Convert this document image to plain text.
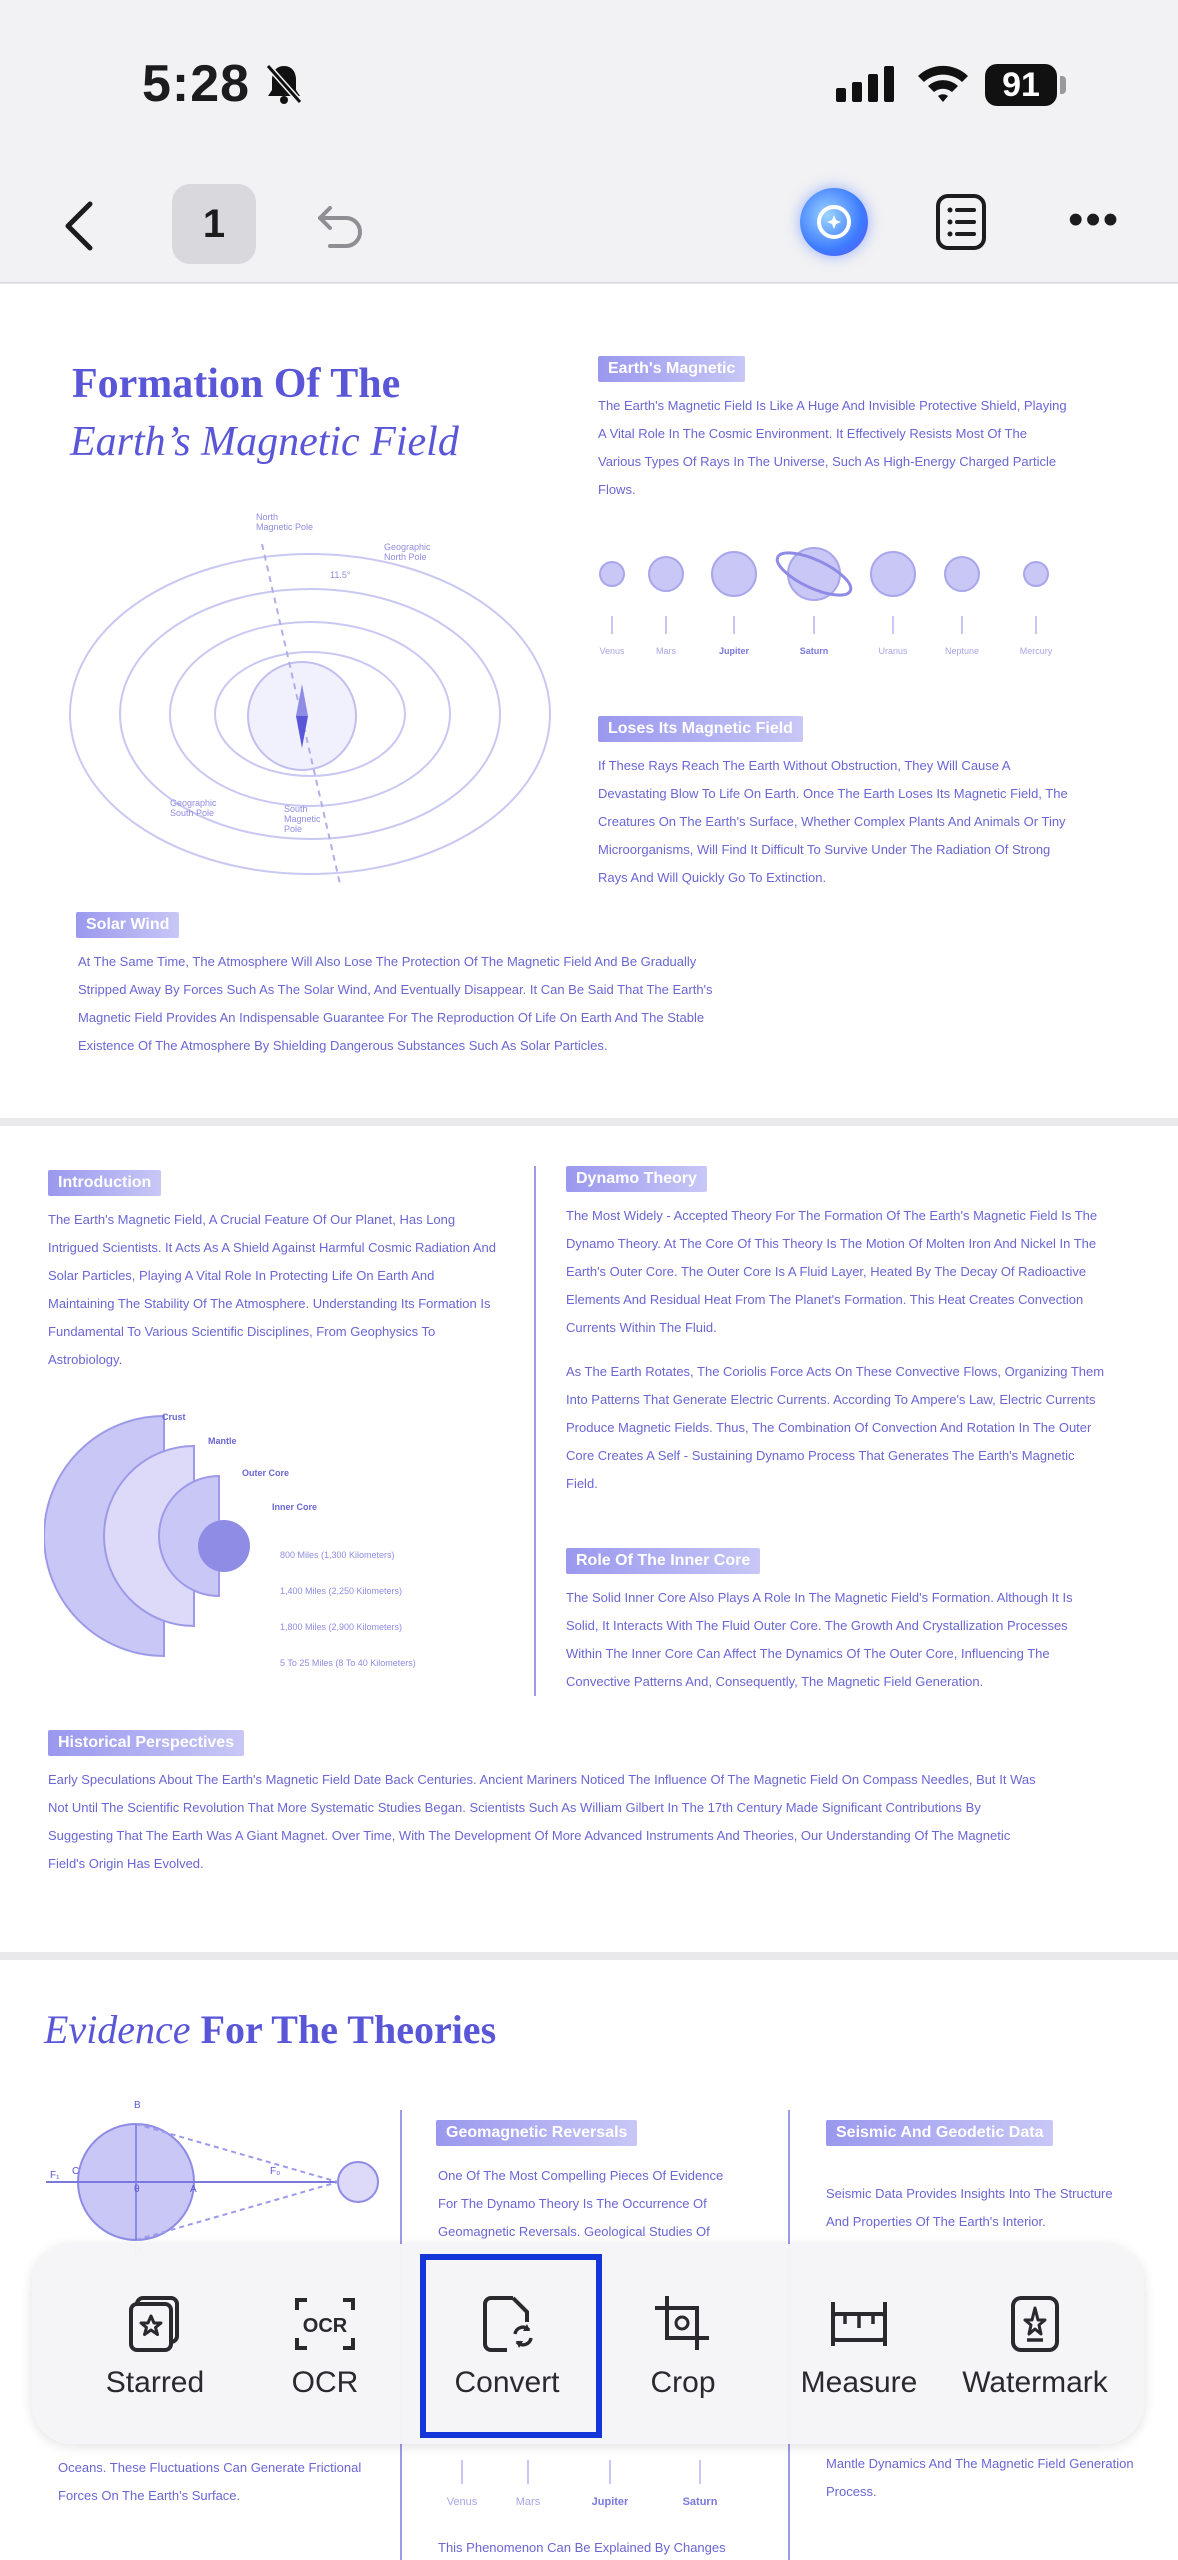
5:28	91
1	•••
Formation Of The
Earth’s Magnetic Field
North
Magnetic Pole
Geographic
North Pole
11.5°
Geographic
South Pole	South
Magnetic
Pole
Earth's Magnetic
The Earth's Magnetic Field Is Like A Huge And Invisible Protective Shield, Playing A Vital Role In The Cosmic Environment. It Effectively Resists Most Of The Various Types Of Rays In The Universe, Such As High-Energy Charged Particle Flows.
Venus	Mars	Jupiter	Saturn	Uranus	Neptune	Mercury
Loses Its Magnetic Field
If These Rays Reach The Earth Without Obstruction, They Will Cause A Devastating Blow To Life On Earth. Once The Earth Loses Its Magnetic Field, The Creatures On The Earth's Surface, Whether Complex Plants And Animals Or Tiny Microorganisms, Will Find It Difficult To Survive Under The Radiation Of Strong Rays And Will Quickly Go To Extinction.
Solar Wind
At The Same Time, The Atmosphere Will Also Lose The Protection Of The Magnetic Field And Be Gradually Stripped Away By Forces Such As The Solar Wind, And Eventually Disappear. It Can Be Said That The Earth's Magnetic Field Provides An Indispensable Guarantee For The Reproduction Of Life On Earth And The Stable Existence Of The Atmosphere By Shielding Dangerous Substances Such As Solar Particles.
Introduction
The Earth's Magnetic Field, A Crucial Feature Of Our Planet, Has Long Intrigued Scientists. It Acts As A Shield Against Harmful Cosmic Radiation And Solar Particles, Playing A Vital Role In Protecting Life On Earth And Maintaining The Stability Of The Atmosphere. Understanding Its Formation Is Fundamental To Various Scientific Disciplines, From Geophysics To Astrobiology.
Crust
Mantle
Outer Core
Inner Core
800 Miles (1,300 Kilometers)
1,400 Miles (2,250 Kilometers)
1,800 Miles (2,900 Kilometers)
5 To 25 Miles (8 To 40 Kilometers)
Dynamo Theory
The Most Widely - Accepted Theory For The Formation Of The Earth's Magnetic Field Is The Dynamo Theory. At The Core Of This Theory Is The Motion Of Molten Iron And Nickel In The Earth's Outer Core. The Outer Core Is A Fluid Layer, Heated By The Decay Of Radioactive Elements And Residual Heat From The Planet's Formation. This Heat Creates Convection Currents Within The Fluid.
As The Earth Rotates, The Coriolis Force Acts On These Convective Flows, Organizing Them Into Patterns That Generate Electric Currents. According To Ampere's Law, Electric Currents Produce Magnetic Fields. Thus, The Combination Of Convection And Rotation In The Outer Core Creates A Self - Sustaining Dynamo Process That Generates The Earth's Magnetic Field.
Role Of The Inner Core
The Solid Inner Core Also Plays A Role In The Magnetic Field's Formation. Although It Is Solid, It Interacts With The Fluid Outer Core. The Growth And Crystallization Processes Within The Inner Core Can Affect The Dynamics Of The Outer Core, Influencing The Convective Patterns And, Consequently, The Magnetic Field Generation.
Historical Perspectives
Early Speculations About The Earth's Magnetic Field Date Back Centuries. Ancient Mariners Noticed The Influence Of The Magnetic Field On Compass Needles, But It Was Not Until The Scientific Revolution That More Systematic Studies Began. Scientists Such As William Gilbert In The 17th Century Made Significant Contributions By Suggesting That The Earth Was A Giant Magnet. Over Time, With The Development Of More Advanced Instruments And Theories, Our Understanding Of The Magnetic Field's Origin Has Evolved.
Evidence For The Theories
F₁ C
B
θ	A
F₀
Geomagnetic Reversals
One Of The Most Compelling Pieces Of Evidence For The Dynamo Theory Is The Occurrence Of Geomagnetic Reversals. Geological Studies Of
Seismic And Geodetic Data
Seismic Data Provides Insights Into The Structure And Properties Of The Earth's Interior.
Oceans. These Fluctuations Can Generate Frictional Forces On The Earth's Surface.	Venus	Mars	Jupiter	Saturn
This Phenomenon Can Be Explained By Changes
Mantle Dynamics And The Magnetic Field Generation Process.
Starred
OCR
OCR	Convert	Crop	Measure	Watermark
